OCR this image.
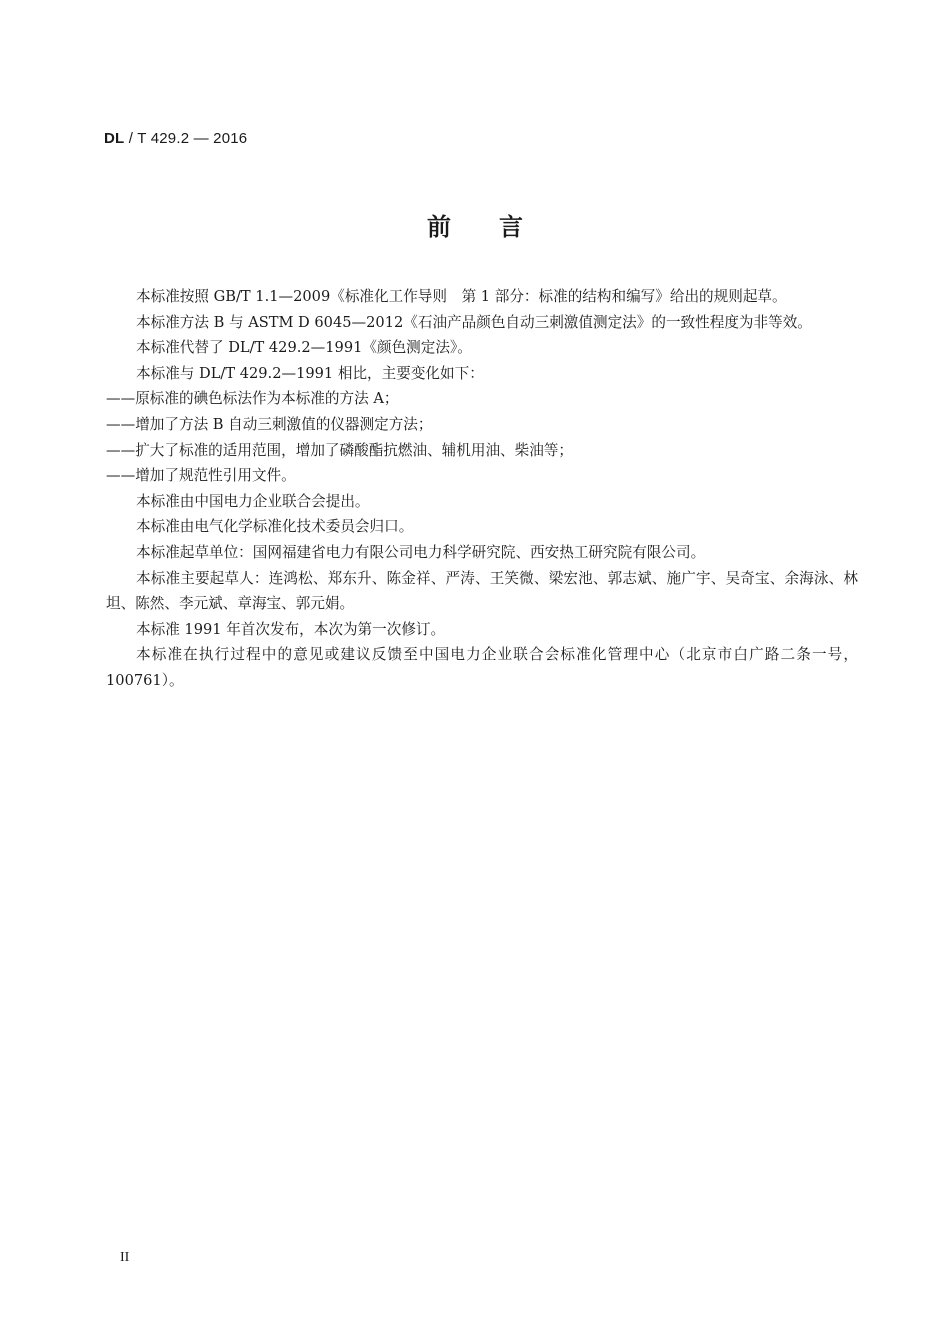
DL / T 429.2 — 2016
前言

本标准按照 GB/T 1.1—2009《标准化工作导则　第 1 部分：标准的结构和编写》给出的规则起草。

本标准方法 B 与 ASTM D 6045—2012《石油产品颜色自动三刺激值测定法》的一致性程度为非等效。

本标准代替了 DL/T 429.2—1991《颜色测定法》。

本标准与 DL/T 429.2—1991 相比，主要变化如下：

——原标准的碘色标法作为本标准的方法 A；

——增加了方法 B 自动三刺激值的仪器测定方法；

——扩大了标准的适用范围，增加了磷酸酯抗燃油、辅机用油、柴油等；

——增加了规范性引用文件。

本标准由中国电力企业联合会提出。

本标准由电气化学标准化技术委员会归口。

本标准起草单位：国网福建省电力有限公司电力科学研究院、西安热工研究院有限公司。

本标准主要起草人：连鸿松、郑东升、陈金祥、严涛、王笑微、梁宏池、郭志斌、施广宇、吴奇宝、余海泳、林坦、陈然、李元斌、章海宝、郭元娟。

本标准 1991 年首次发布，本次为第一次修订。

本标准在执行过程中的意见或建议反馈至中国电力企业联合会标准化管理中心（北京市白广路二条一号，100761）。

II
